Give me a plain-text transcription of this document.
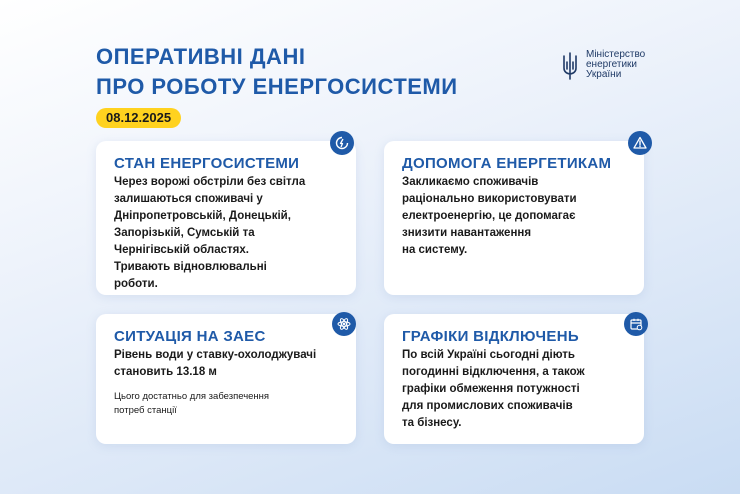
ОПЕРАТИВНІ ДАНІ
ПРО РОБОТУ ЕНЕРГОСИСТЕМИ
Міністерство
енергетики
України
08.12.2025
СТАН ЕНЕРГОСИСТЕМИ
Через ворожі обстріли без світла
залишаються споживачі у
Дніпропетровській, Донецькій,
Запорізькій, Сумській та
Чернігівській областях.
Тривають відновлювальні
роботи.
ДОПОМОГА ЕНЕРГЕТИКАМ
Закликаємо споживачів
раціонально використовувати
електроенергію, це допомагає
знизити навантаження
на систему.
СИТУАЦІЯ НА ЗАЕС
Рівень води у ставку-охолоджувачі
становить 13.18 м
Цього достатньо для забезпечення
потреб станції
ГРАФІКИ ВІДКЛЮЧЕНЬ
По всій Україні сьогодні діють
погодинні відключення, а також
графіки обмеження потужності
для промислових споживачів
та бізнесу.
